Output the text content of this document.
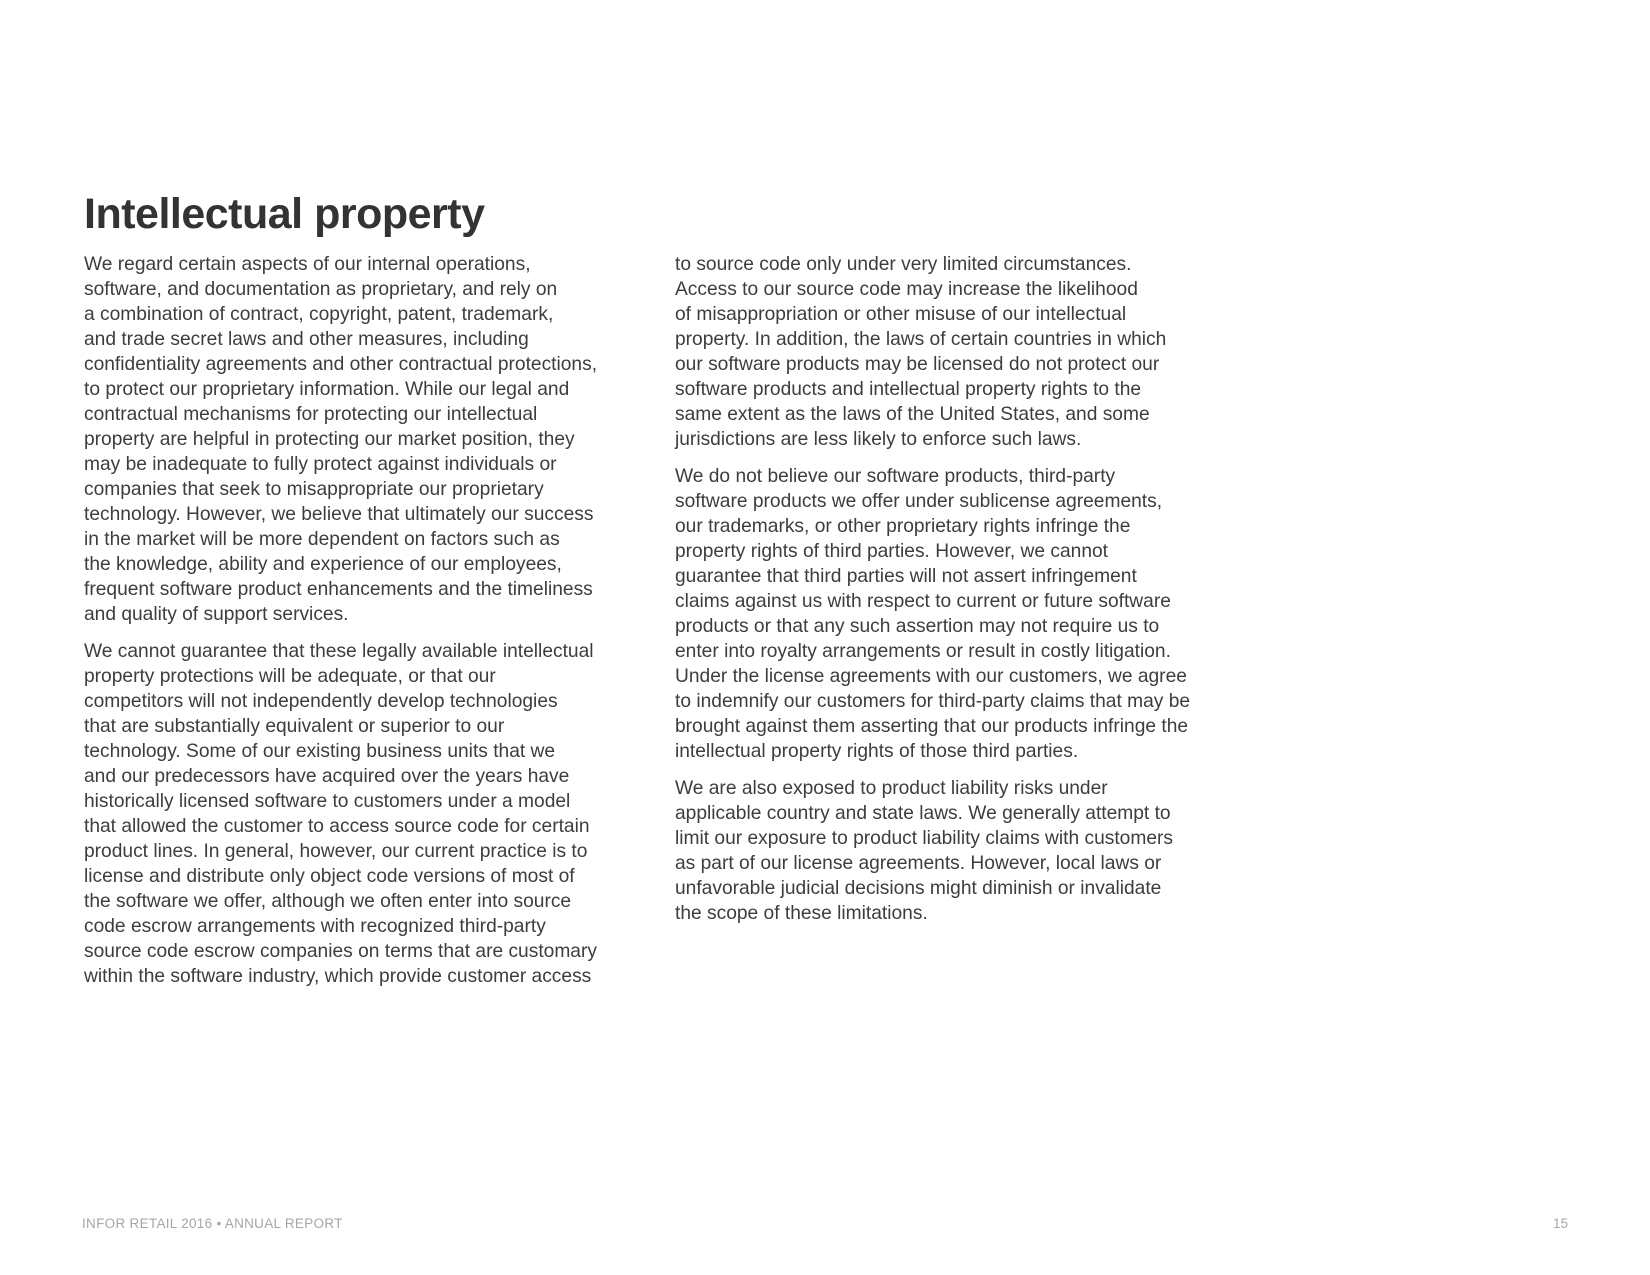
Intellectual property

We regard certain aspects of our internal operations,
software, and documentation as proprietary, and rely on
a combination of contract, copyright, patent, trademark,
and trade secret laws and other measures, including
confidentiality agreements and other contractual protections,
to protect our proprietary information. While our legal and
contractual mechanisms for protecting our intellectual
property are helpful in protecting our market position, they
may be inadequate to fully protect against individuals or
companies that seek to misappropriate our proprietary
technology. However, we believe that ultimately our success
in the market will be more dependent on factors such as
the knowledge, ability and experience of our employees,
frequent software product enhancements and the timeliness
and quality of support services.

We cannot guarantee that these legally available intellectual
property protections will be adequate, or that our
competitors will not independently develop technologies
that are substantially equivalent or superior to our
technology. Some of our existing business units that we
and our predecessors have acquired over the years have
historically licensed software to customers under a model
that allowed the customer to access source code for certain
product lines. In general, however, our current practice is to
license and distribute only object code versions of most of
the software we offer, although we often enter into source
code escrow arrangements with recognized third-party
source code escrow companies on terms that are customary
within the software industry, which provide customer access

to source code only under very limited circumstances.
Access to our source code may increase the likelihood
of misappropriation or other misuse of our intellectual
property. In addition, the laws of certain countries in which
our software products may be licensed do not protect our
software products and intellectual property rights to the
same extent as the laws of the United States, and some
jurisdictions are less likely to enforce such laws.

We do not believe our software products, third-party
software products we offer under sublicense agreements,
our trademarks, or other proprietary rights infringe the
property rights of third parties. However, we cannot
guarantee that third parties will not assert infringement
claims against us with respect to current or future software
products or that any such assertion may not require us to
enter into royalty arrangements or result in costly litigation.
Under the license agreements with our customers, we agree
to indemnify our customers for third-party claims that may be
brought against them asserting that our products infringe the
intellectual property rights of those third parties.

We are also exposed to product liability risks under
applicable country and state laws. We generally attempt to
limit our exposure to product liability claims with customers
as part of our license agreements. However, local laws or
unfavorable judicial decisions might diminish or invalidate
the scope of these limitations.

INFOR RETAIL 2016 • ANNUAL REPORT	15
